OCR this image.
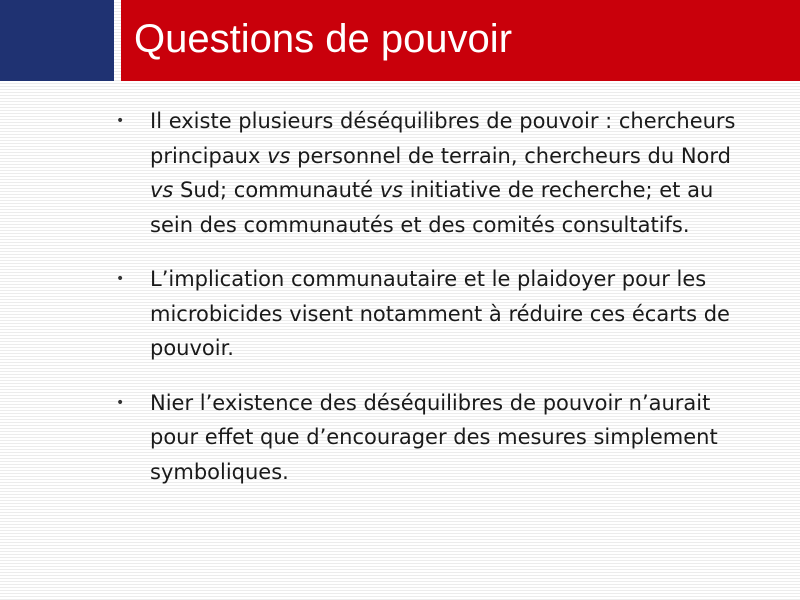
Questions de pouvoir
• Il existe plusieurs déséquilibres de pouvoir : chercheurs principaux vs personnel de terrain, chercheurs du Nord vs Sud; communauté vs initiative de recherche; et au sein des communautés et des comités consultatifs.
• L’implication communautaire et le plaidoyer pour les microbicides visent notamment à réduire ces écarts de pouvoir.
• Nier l’existence des déséquilibres de pouvoir n’aurait pour effet que d’encourager des mesures simplement symboliques.
